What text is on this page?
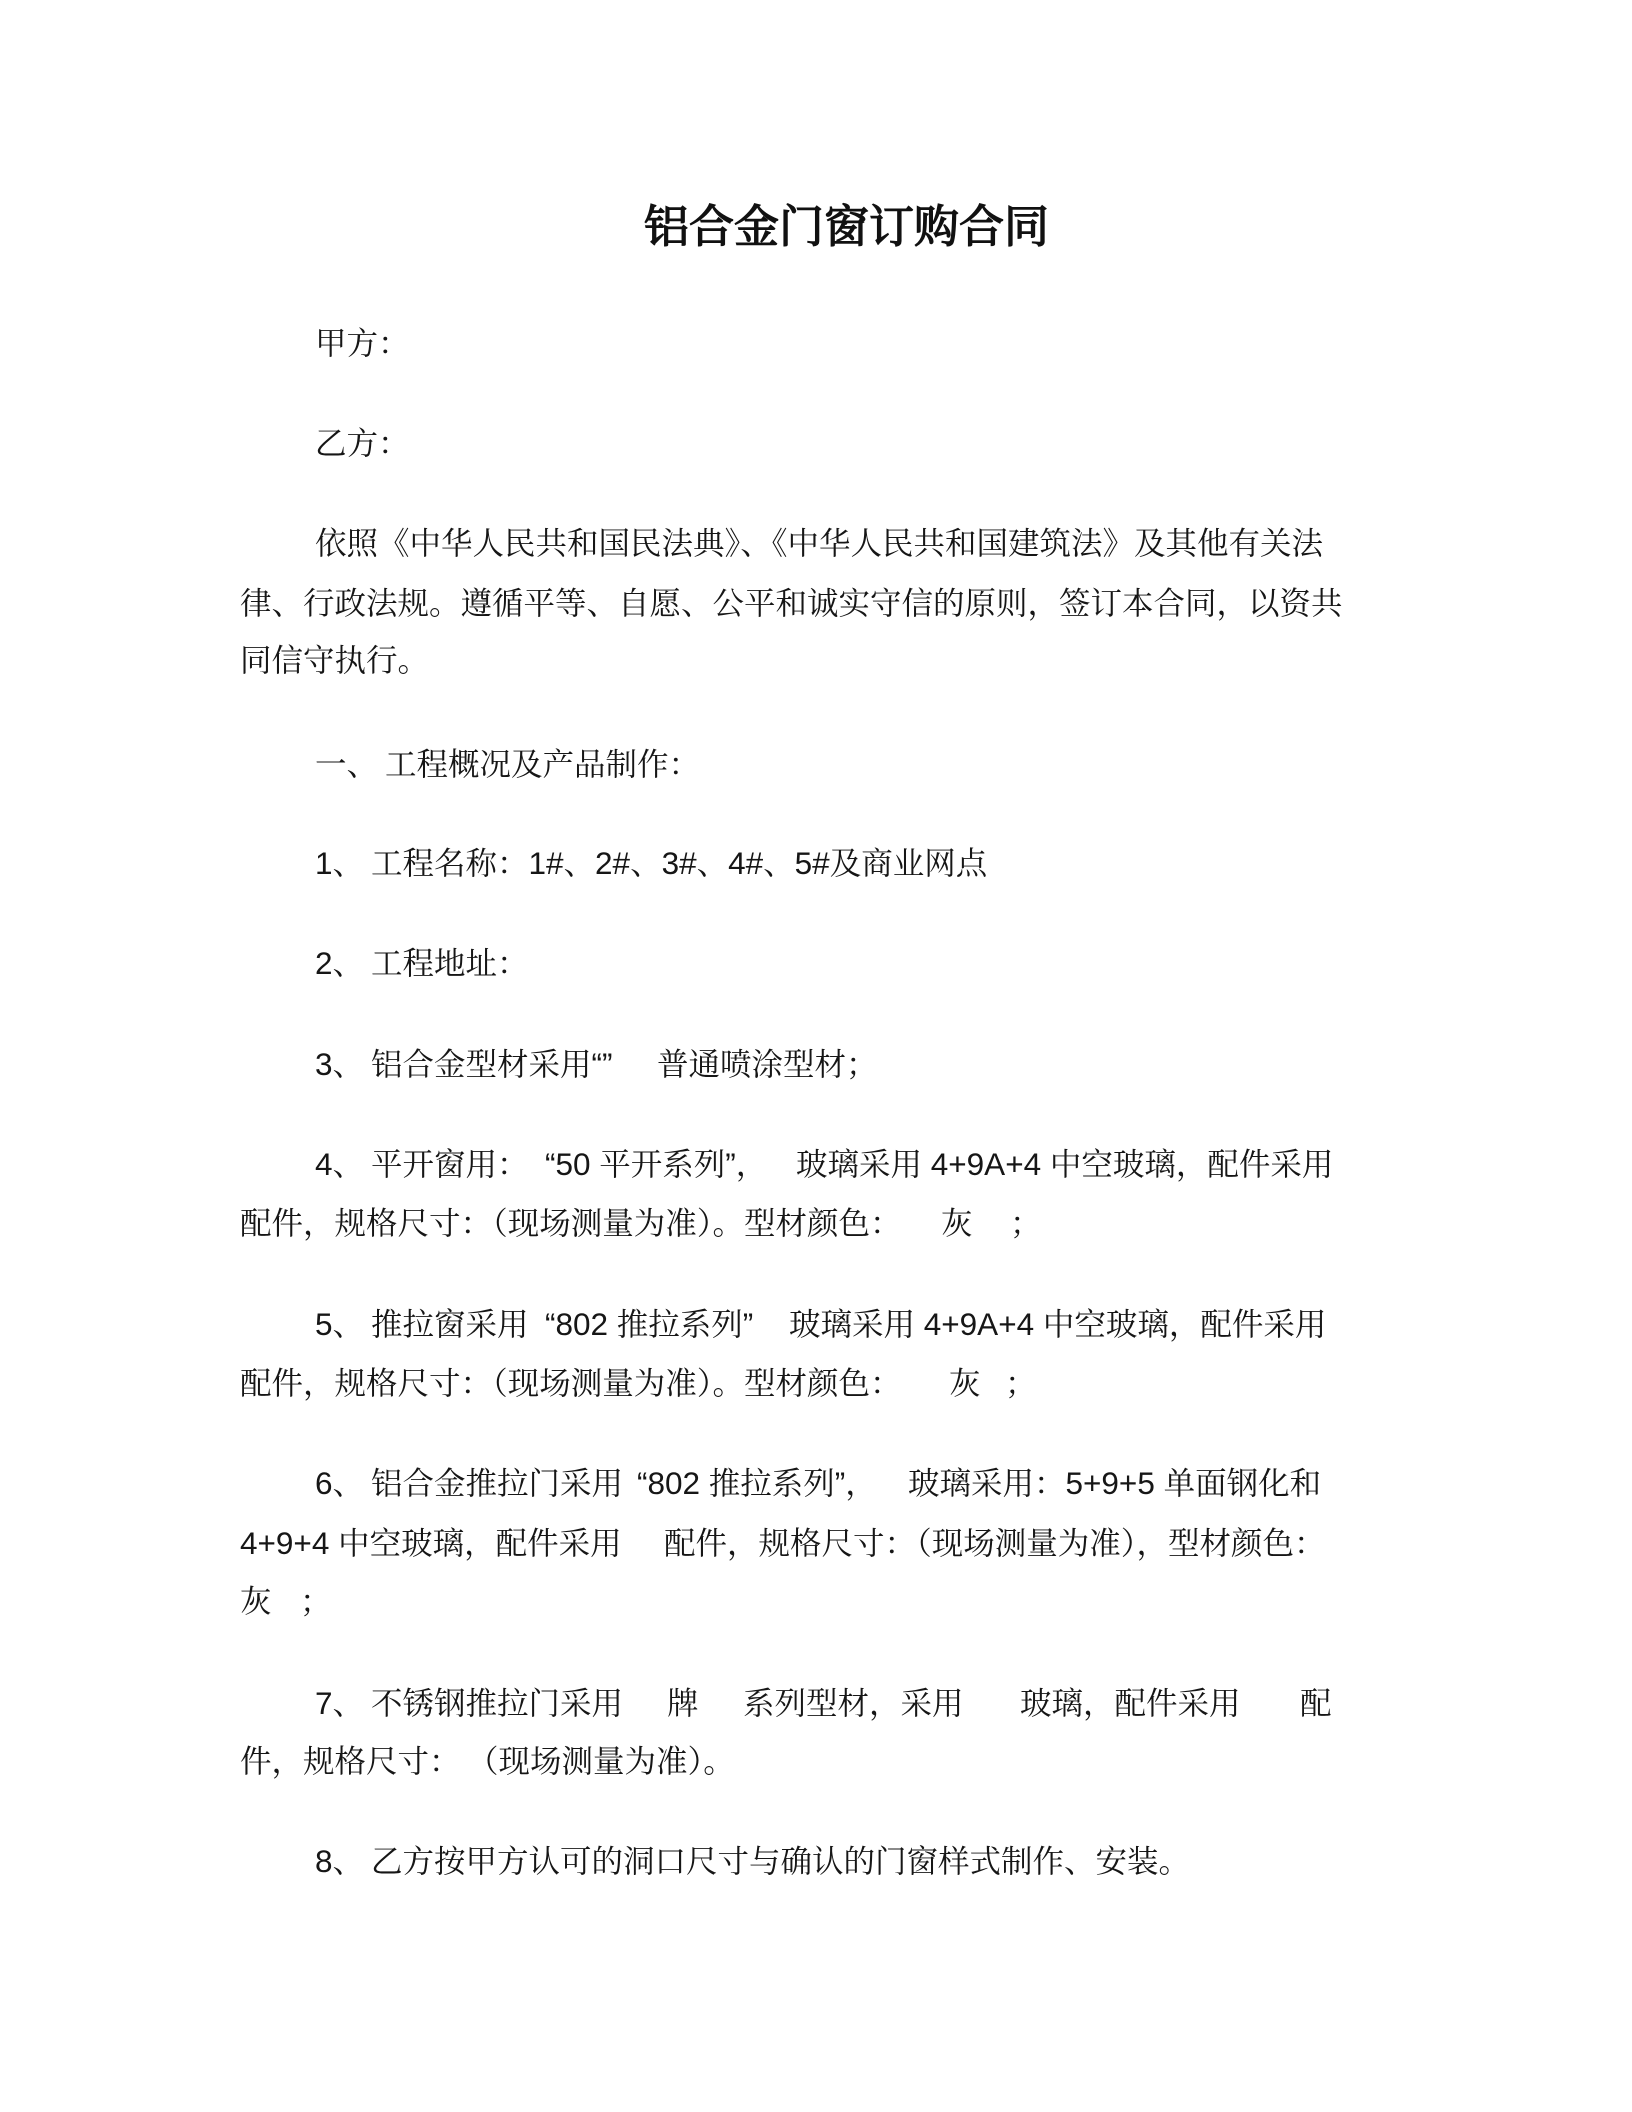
铝合金门窗订购合同
甲方：
乙方：
依照《中华人民共和国民法典》、《中华人民共和国建筑法》及其他有关法
律、行政法规。遵循平等、自愿、公平和诚实守信的原则，签订本合同，以资共
同信守执行。
一、 工程概况及产品制作：
1、 工程名称：1#、2#、3#、4#、5#及商业网点
2、 工程地址：
3、 铝合金型材采用“” 普通喷涂型材；
4、 平开窗用： “50 平开系列”， 玻璃采用 4+9A+4 中空玻璃，配件采用
配件，规格尺寸：（现场测量为准）。型材颜色： 灰 ；
5、 推拉窗采用 “802 推拉系列” 玻璃采用 4+9A+4 中空玻璃，配件采用
配件，规格尺寸：（现场测量为准）。型材颜色： 灰 ；
6、 铝合金推拉门采用 “802 推拉系列”， 玻璃采用：5+9+5 单面钢化和
4+9+4 中空玻璃，配件采用 配件，规格尺寸：（现场测量为准），型材颜色：
灰 ；
7、 不锈钢推拉门采用 牌 系列型材，采用 玻璃，配件采用 配
件，规格尺寸： （现场测量为准）。
8、 乙方按甲方认可的洞口尺寸与确认的门窗样式制作、安装。
